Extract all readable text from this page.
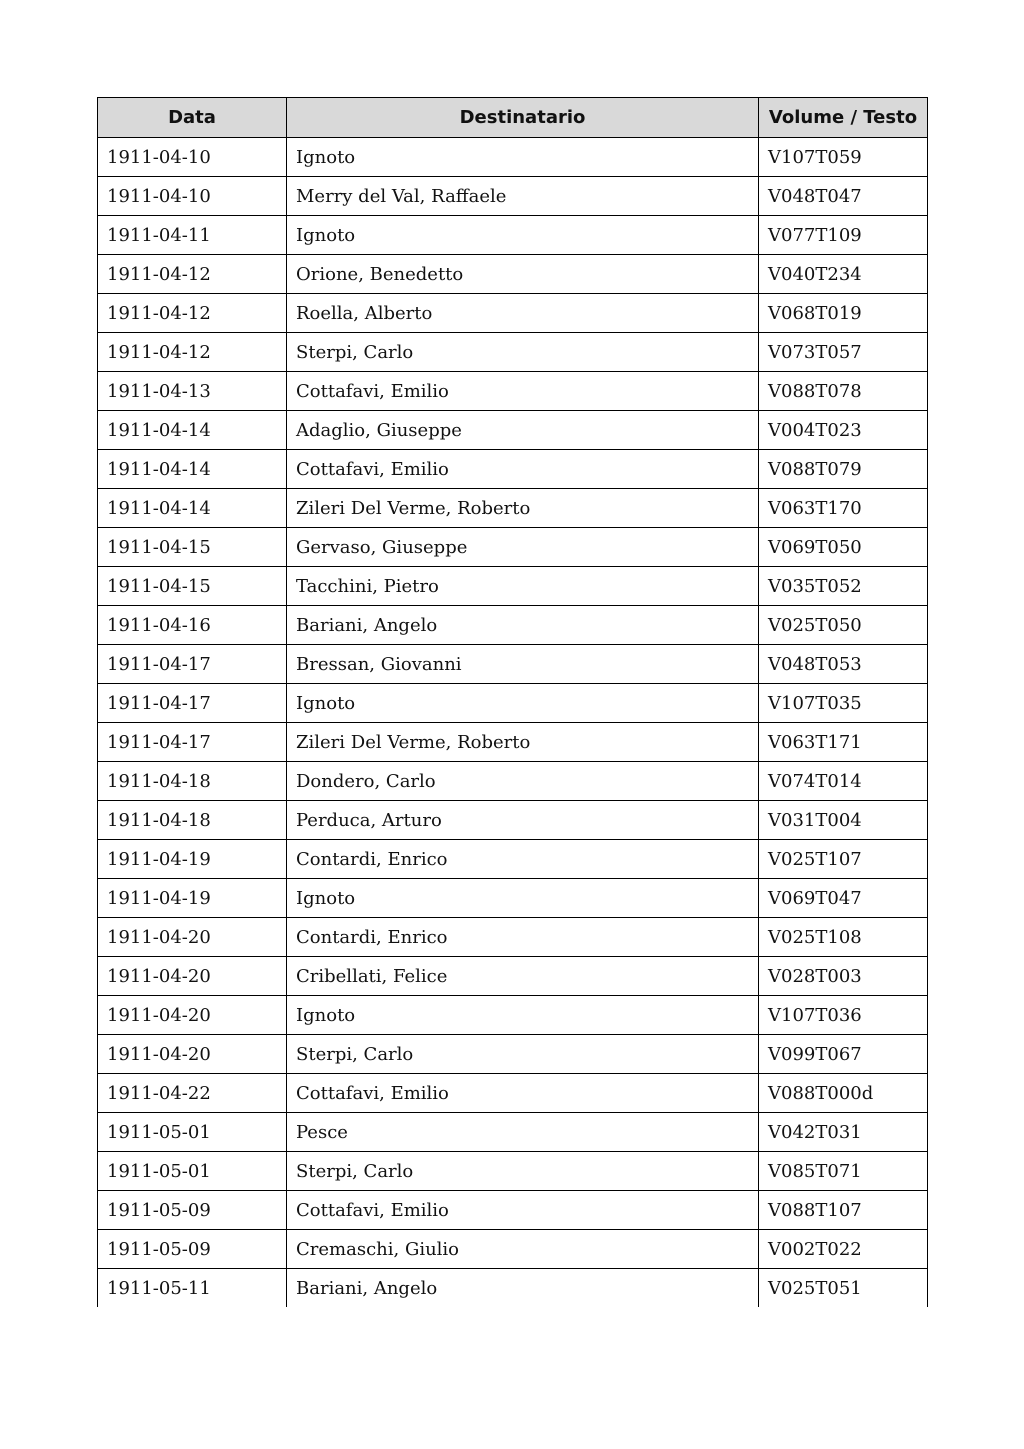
Data	Destinatario	Volume / Testo
1911-04-10	Ignoto	V107T059
1911-04-10	Merry del Val, Raffaele	V048T047
1911-04-11	Ignoto	V077T109
1911-04-12	Orione, Benedetto	V040T234
1911-04-12	Roella, Alberto	V068T019
1911-04-12	Sterpi, Carlo	V073T057
1911-04-13	Cottafavi, Emilio	V088T078
1911-04-14	Adaglio, Giuseppe	V004T023
1911-04-14	Cottafavi, Emilio	V088T079
1911-04-14	Zileri Del Verme, Roberto	V063T170
1911-04-15	Gervaso, Giuseppe	V069T050
1911-04-15	Tacchini, Pietro	V035T052
1911-04-16	Bariani, Angelo	V025T050
1911-04-17	Bressan, Giovanni	V048T053
1911-04-17	Ignoto	V107T035
1911-04-17	Zileri Del Verme, Roberto	V063T171
1911-04-18	Dondero, Carlo	V074T014
1911-04-18	Perduca, Arturo	V031T004
1911-04-19	Contardi, Enrico	V025T107
1911-04-19	Ignoto	V069T047
1911-04-20	Contardi, Enrico	V025T108
1911-04-20	Cribellati, Felice	V028T003
1911-04-20	Ignoto	V107T036
1911-04-20	Sterpi, Carlo	V099T067
1911-04-22	Cottafavi, Emilio	V088T000d
1911-05-01	Pesce	V042T031
1911-05-01	Sterpi, Carlo	V085T071
1911-05-09	Cottafavi, Emilio	V088T107
1911-05-09	Cremaschi, Giulio	V002T022
1911-05-11	Bariani, Angelo	V025T051
